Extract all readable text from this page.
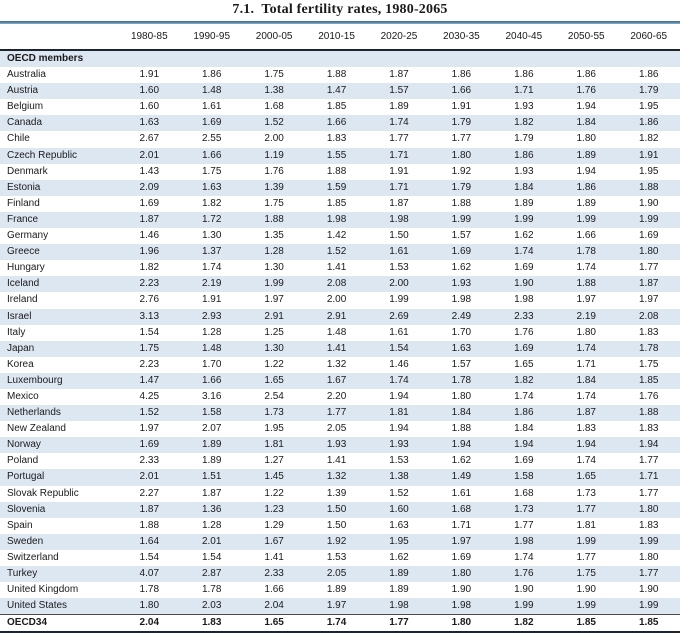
7.1.  Total fertility rates, 1980-2065
	1980-85	1990-95	2000-05	2010-15	2020-25	2030-35	2040-45	2050-55	2060-65
OECD members									
Australia	1.91	1.86	1.75	1.88	1.87	1.86	1.86	1.86	1.86
Austria	1.60	1.48	1.38	1.47	1.57	1.66	1.71	1.76	1.79
Belgium	1.60	1.61	1.68	1.85	1.89	1.91	1.93	1.94	1.95
Canada	1.63	1.69	1.52	1.66	1.74	1.79	1.82	1.84	1.86
Chile	2.67	2.55	2.00	1.83	1.77	1.77	1.79	1.80	1.82
Czech Republic	2.01	1.66	1.19	1.55	1.71	1.80	1.86	1.89	1.91
Denmark	1.43	1.75	1.76	1.88	1.91	1.92	1.93	1.94	1.95
Estonia	2.09	1.63	1.39	1.59	1.71	1.79	1.84	1.86	1.88
Finland	1.69	1.82	1.75	1.85	1.87	1.88	1.89	1.89	1.90
France	1.87	1.72	1.88	1.98	1.98	1.99	1.99	1.99	1.99
Germany	1.46	1.30	1.35	1.42	1.50	1.57	1.62	1.66	1.69
Greece	1.96	1.37	1.28	1.52	1.61	1.69	1.74	1.78	1.80
Hungary	1.82	1.74	1.30	1.41	1.53	1.62	1.69	1.74	1.77
Iceland	2.23	2.19	1.99	2.08	2.00	1.93	1.90	1.88	1.87
Ireland	2.76	1.91	1.97	2.00	1.99	1.98	1.98	1.97	1.97
Israel	3.13	2.93	2.91	2.91	2.69	2.49	2.33	2.19	2.08
Italy	1.54	1.28	1.25	1.48	1.61	1.70	1.76	1.80	1.83
Japan	1.75	1.48	1.30	1.41	1.54	1.63	1.69	1.74	1.78
Korea	2.23	1.70	1.22	1.32	1.46	1.57	1.65	1.71	1.75
Luxembourg	1.47	1.66	1.65	1.67	1.74	1.78	1.82	1.84	1.85
Mexico	4.25	3.16	2.54	2.20	1.94	1.80	1.74	1.74	1.76
Netherlands	1.52	1.58	1.73	1.77	1.81	1.84	1.86	1.87	1.88
New Zealand	1.97	2.07	1.95	2.05	1.94	1.88	1.84	1.83	1.83
Norway	1.69	1.89	1.81	1.93	1.93	1.94	1.94	1.94	1.94
Poland	2.33	1.89	1.27	1.41	1.53	1.62	1.69	1.74	1.77
Portugal	2.01	1.51	1.45	1.32	1.38	1.49	1.58	1.65	1.71
Slovak Republic	2.27	1.87	1.22	1.39	1.52	1.61	1.68	1.73	1.77
Slovenia	1.87	1.36	1.23	1.50	1.60	1.68	1.73	1.77	1.80
Spain	1.88	1.28	1.29	1.50	1.63	1.71	1.77	1.81	1.83
Sweden	1.64	2.01	1.67	1.92	1.95	1.97	1.98	1.99	1.99
Switzerland	1.54	1.54	1.41	1.53	1.62	1.69	1.74	1.77	1.80
Turkey	4.07	2.87	2.33	2.05	1.89	1.80	1.76	1.75	1.77
United Kingdom	1.78	1.78	1.66	1.89	1.89	1.90	1.90	1.90	1.90
United States	1.80	2.03	2.04	1.97	1.98	1.98	1.99	1.99	1.99
OECD34	2.04	1.83	1.65	1.74	1.77	1.80	1.82	1.85	1.85
